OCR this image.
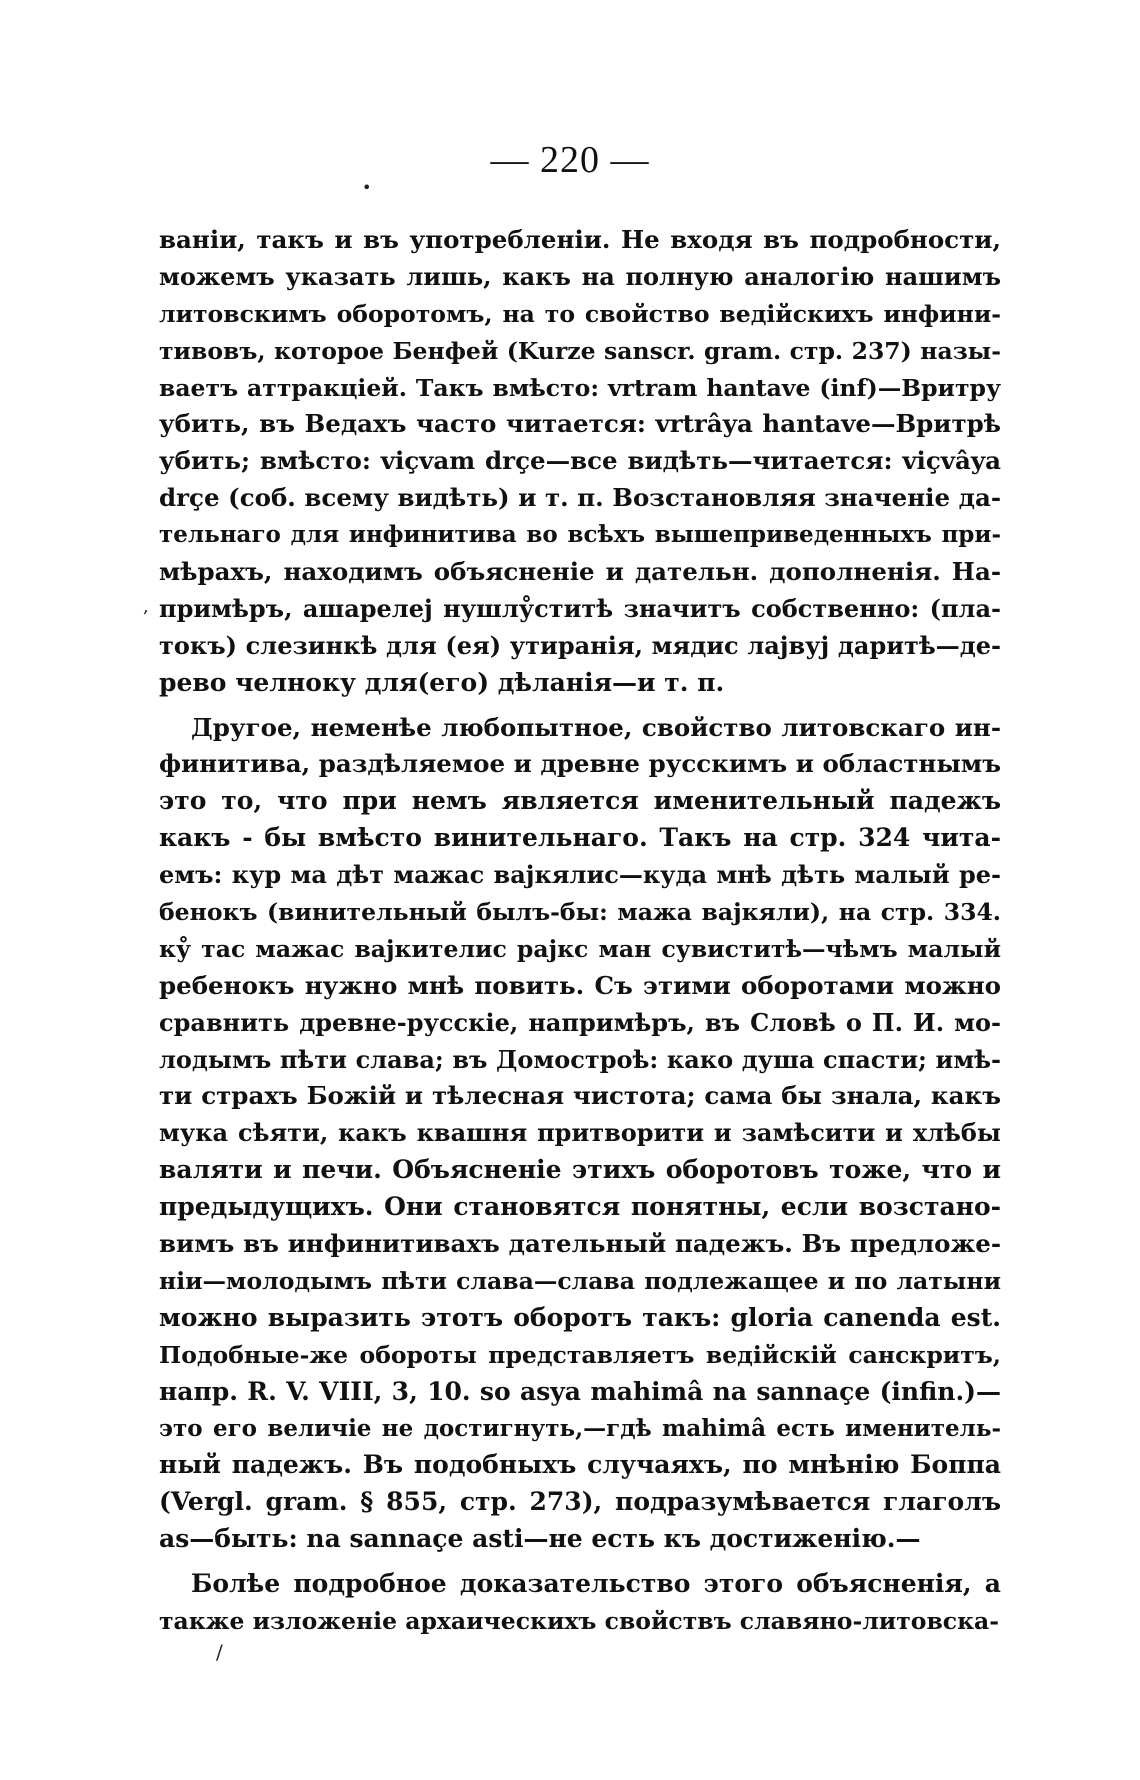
— 220 —
•
,
/
ваніи, такъ и въ употребленіи. Не входя въ подробности,
можемъ указать лишь, какъ на полную аналогію нашимъ
литовскимъ оборотомъ, на то свойство ведійскихъ инфини-
тивовъ, которое Бенфей (Kurze sanscr. gram. стр. 237) назы-
ваетъ аттракціей. Такъ вмѣсто: vrtram hantave (inf)—Вритру
убить, въ Ведахъ часто читается: vrtrâya hantave—Вритрѣ
убить; вмѣсто: viçvam drçe—все видѣть—читается: viçvâya
drçe (соб. всему видѣть) и т. п. Возстановляя значеніе да-
тельнаго для инфинитива во всѣхъ вышеприведенныхъ при-
мѣрахъ, находимъ объясненіе и дательн. дополненія. На-
примѣръ, ашарелеј нушлу̊ститѣ значитъ собственно: (пла-
токъ) слезинкѣ для (ея) утиранія, мядис лајвуј даритѣ—де-
рево челноку для(его) дѣланія—и т. п.
Другое, неменѣе любопытное, свойство литовскаго ин-
финитива, раздѣляемое и древне русскимъ и областнымъ
это то, что при немъ является именительный падежъ
какъ - бы вмѣсто винительнаго. Такъ на стр. 324 чита-
емъ: кур ма дѣт мажас вајкялис—куда мнѣ дѣть малый ре-
бенокъ (винительный былъ-бы: мажа вајкяли), на стр. 334.
ку̊ тас мажас вајкителис рајкс ман сувиститѣ—чѣмъ малый
ребенокъ нужно мнѣ повить. Съ этими оборотами можно
сравнить древне-русскіе, напримѣръ, въ Словѣ о П. И. мо-
лодымъ пѣти слава; въ Домостроѣ: како душа спасти; имѣ-
ти страхъ Божій и тѣлесная чистота; сама бы знала, какъ
мука сѣяти, какъ квашня притворити и замѣсити и хлѣбы
валяти и печи. Объясненіе этихъ оборотовъ тоже, что и
предыдущихъ. Они становятся понятны, если возстано-
вимъ въ инфинитивахъ дательный падежъ. Въ предложе-
ніи—молодымъ пѣти слава—слава подлежащее и по латыни
можно выразить этотъ оборотъ такъ: gloria canenda est.
Подобные-же обороты представляетъ ведійскій санскритъ,
напр. R. V. VIII, 3, 10. so asya mahimâ na sannaçe (infin.)—
это его величіе не достигнуть,—гдѣ mahimâ есть именитель-
ный падежъ. Въ подобныхъ случаяхъ, по мнѣнію Боппа
(Vergl. gram. § 855, стр. 273), подразумѣвается глаголъ
as—быть: na sannaçe asti—не есть къ достиженію.—
Болѣе подробное доказательство этого объясненія, а
также изложеніе архаическихъ свойствъ славяно-литовска-
